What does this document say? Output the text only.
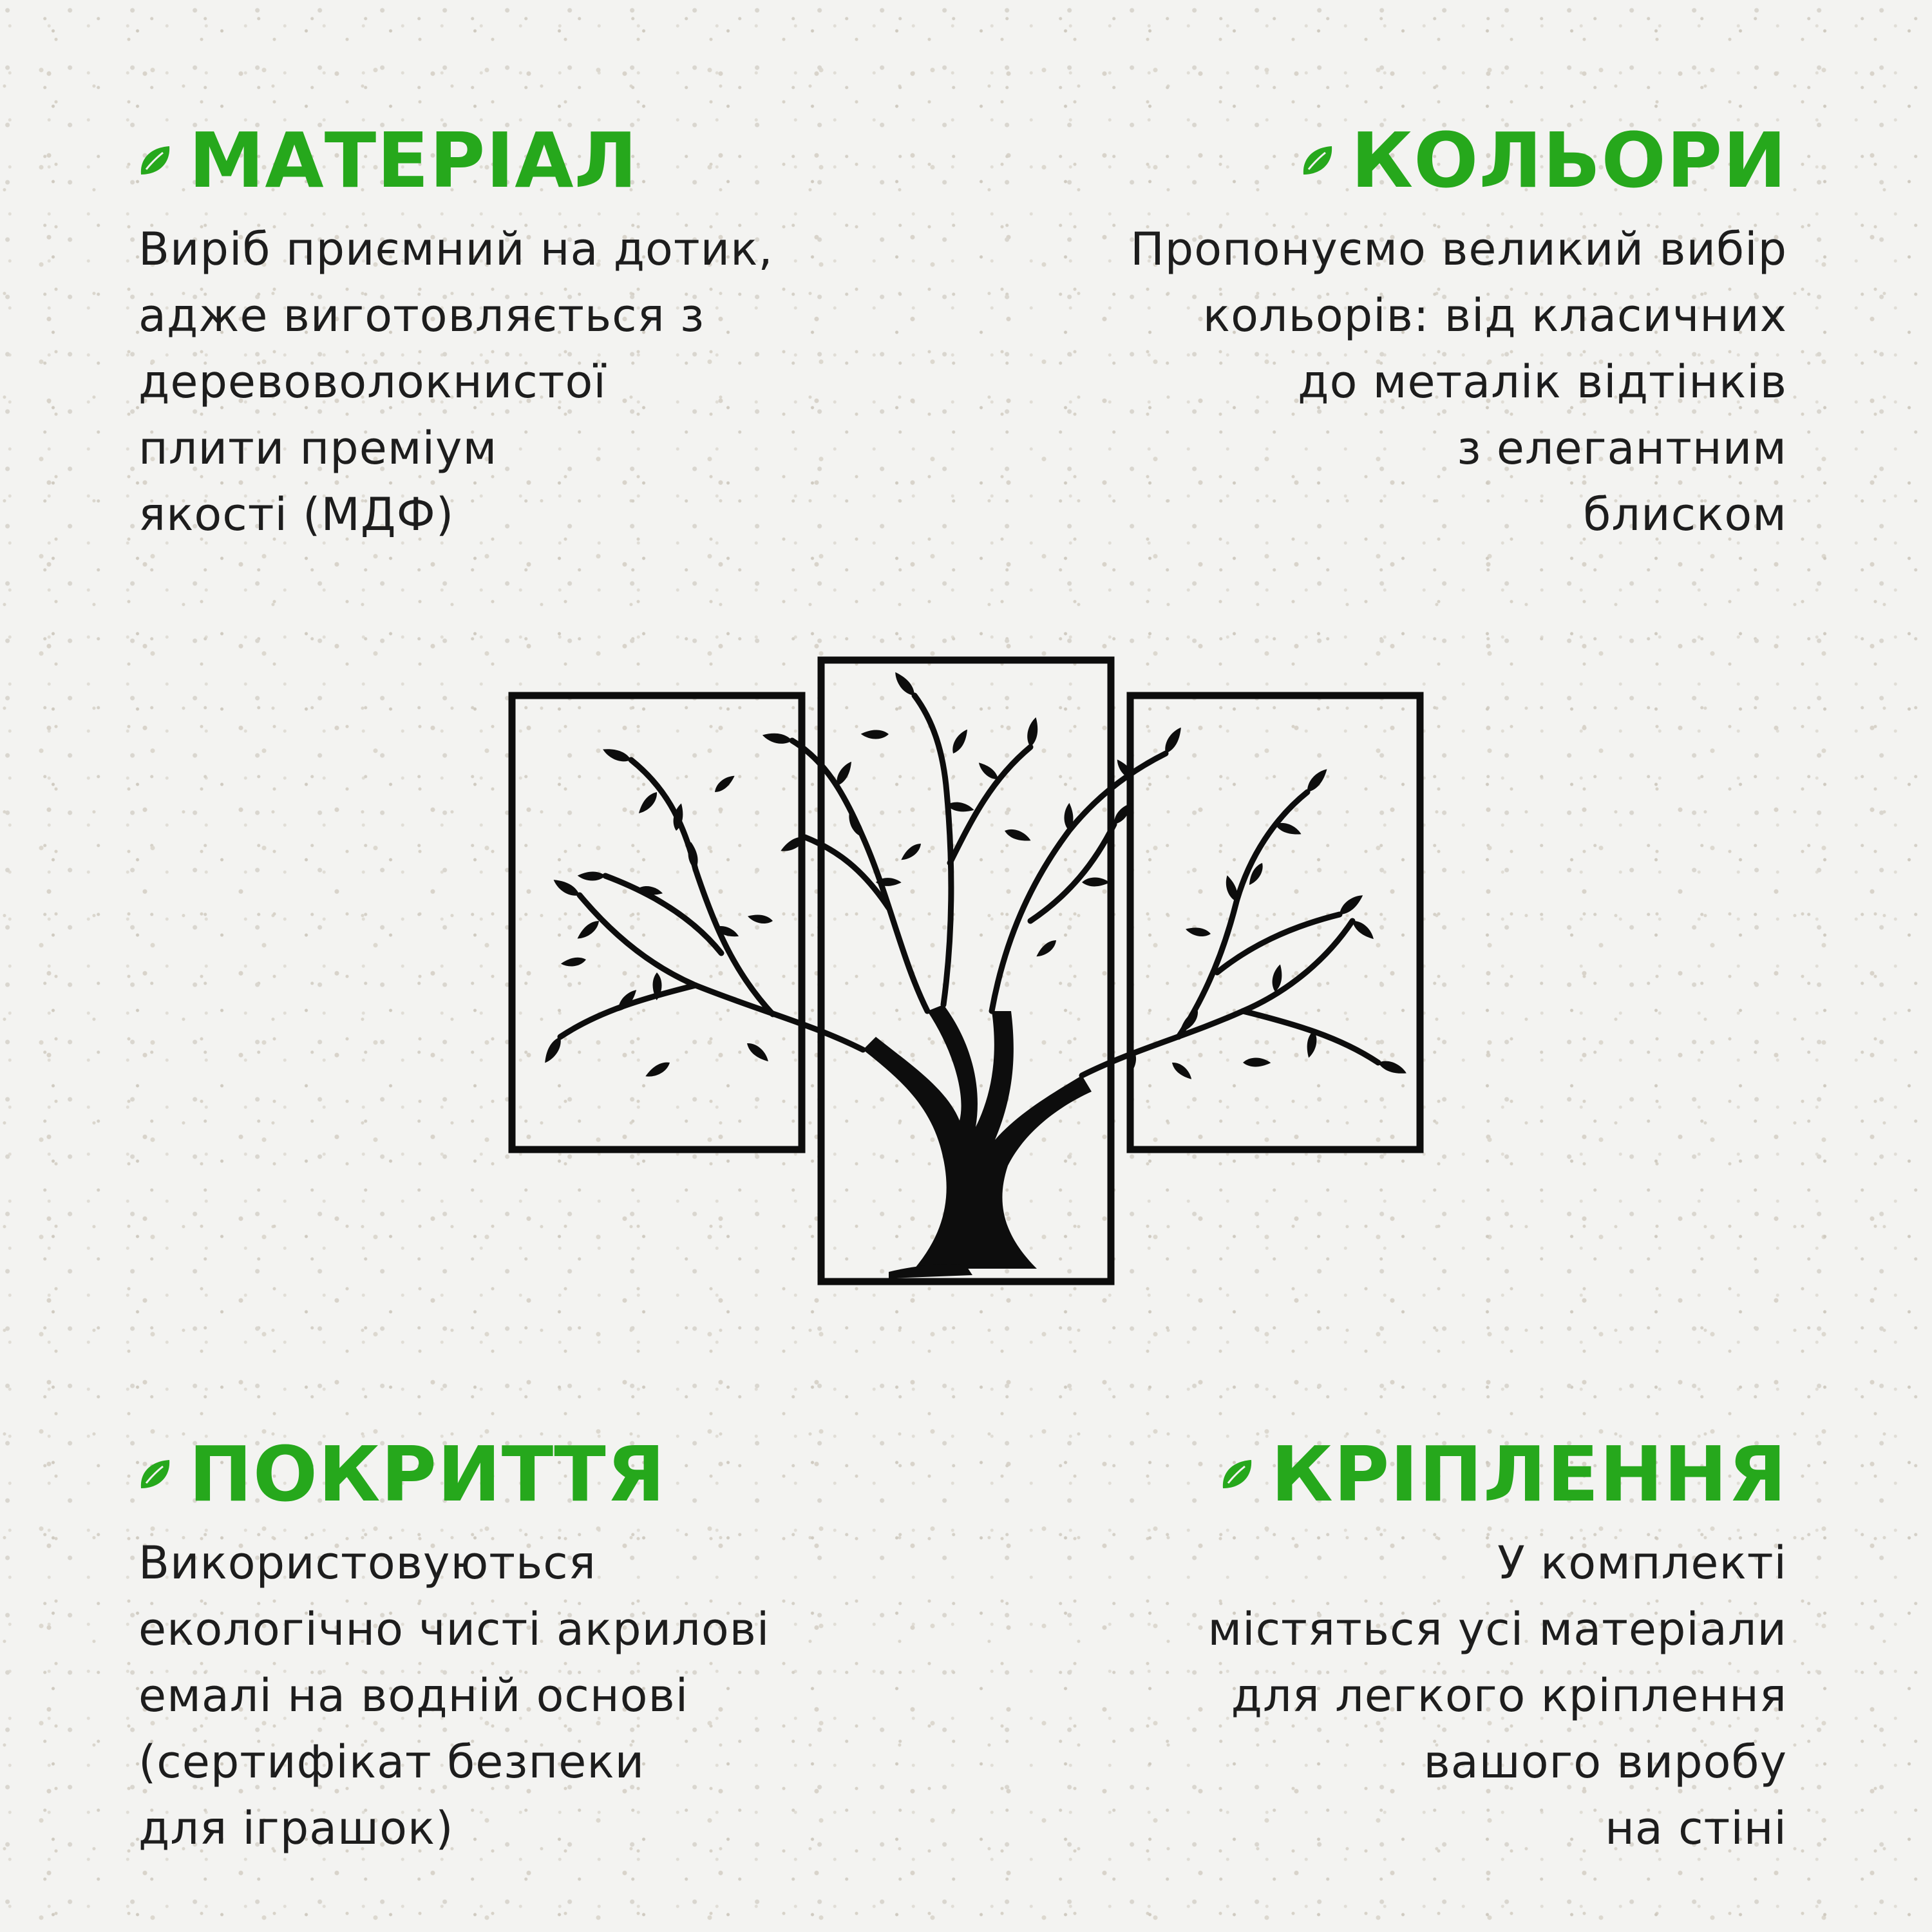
МАТЕРІАЛ
Виріб приємний на дотик,
адже виготовляється з
деревоволокнистої
плити преміум
якості (МДФ)
КОЛЬОРИ
Пропонуємо великий вибір
кольорів: від класичних
до металік відтінків
з елегантним
блиском
ПОКРИТТЯ
Використовуються
екологічно чисті акрилові
емалі на водній основі
(сертифікат безпеки
для іграшок)
КРІПЛЕННЯ
У комплекті
містяться усі матеріали
для легкого кріплення
вашого виробу
на стіні
